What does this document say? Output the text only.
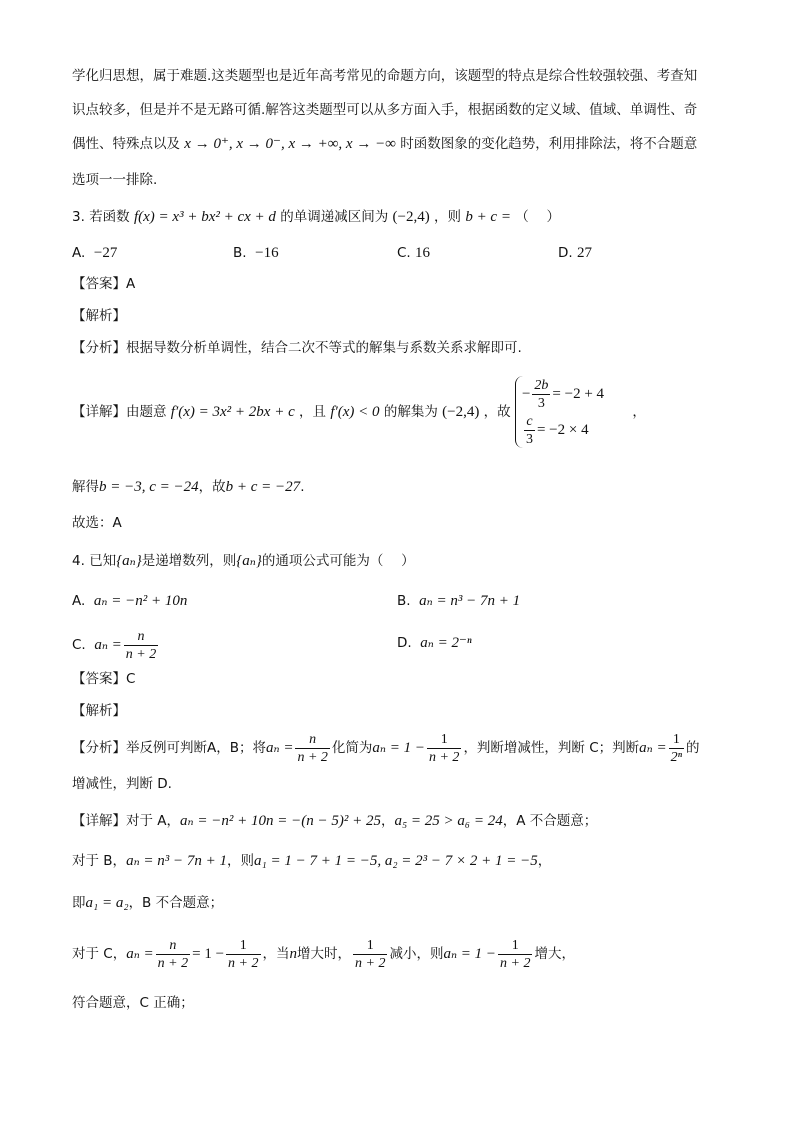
学化归思想，属于难题.这类题型也是近年高考常见的命题方向，该题型的特点是综合性较强较强、考查知
识点较多，但是并不是无路可循.解答这类题型可以从多方面入手，根据函数的定义域、值域、单调性、奇
偶性、特殊点以及 x → 0⁺, x → 0⁻, x → +∞, x → −∞ 时函数图象的变化趋势，利用排除法，将不合题意
选项一一排除.
3. 若函数 f(x) = x³ + bx² + cx + d 的单调递减区间为 (−2,4) ，则 b + c = （　 ）
A. −27	B. −16	C. 16	D. 27
【答案】A
【解析】
【分析】根据导数分析单调性，结合二次不等式的解集与系数关系求解即可.
【详解】由题意 f′(x) = 3x² + 2bx + c ，且 f′(x) < 0 的解集为 (−2,4) ，故
− $\frac{2b}{3} = -2 + 4$
$\frac{c}{3} = -2 \times 4$
，
解得b = −3, c = −24，故b + c = −27.
故选：A
4. 已知{aₙ}是递增数列，则{aₙ}的通项公式可能为（　 ）
A. aₙ = −n² + 10n	B. aₙ = n³ − 7n + 1
C. $a_n = \frac{n}{n + 2}$	D. aₙ = 2⁻ⁿ
【答案】C
【解析】
【分析】举反例可判断A，B；将$a_n = \frac{n}{n + 2}$ 化简为$a_n = 1 - \frac{1}{n + 2}$ ，判断增减性，判断 C；判断$a_n = \frac{1}{\text{2ⁿ}}$ 的
增减性，判断 D.
【详解】对于 A，aₙ = −n² + 10n = −(n − 5)² + 25，a₅ = 25 > a₆ = 24，A 不合题意；
对于 B，aₙ = n³ − 7n + 1，则a₁ = 1 − 7 + 1 = −5, a₂ = 2³ − 7 × 2 + 1 = −5，
即a₁ = a₂，B 不合题意；
对于 C，$a_n = \frac{n}{n + 2} = 1 - \frac{1}{n + 2}$ ，当n增大时， $\frac{1}{n + 2}$ 减小，则$a_n = 1 - \frac{1}{n + 2}$ 增大，
符合题意，C 正确；
